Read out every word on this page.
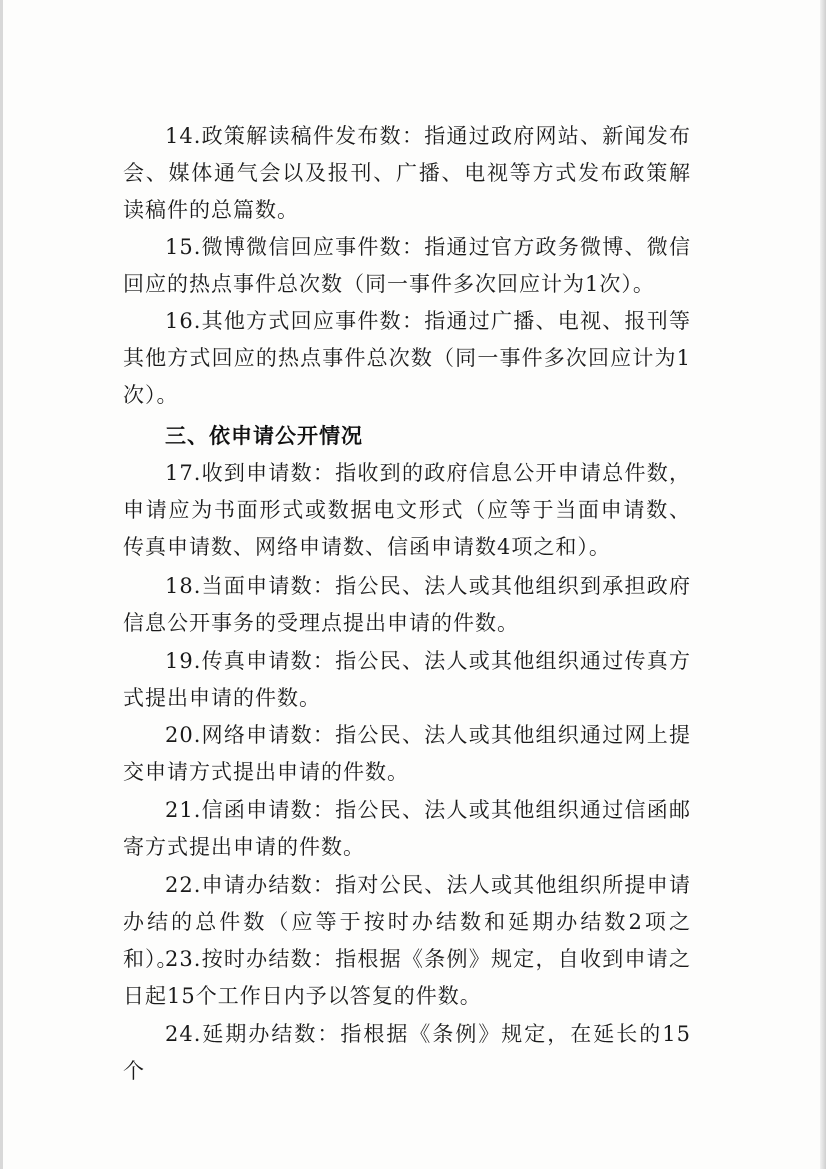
14.政策解读稿件发布数：指通过政府网站、新闻发布会、媒体通气会以及报刊、广播、电视等方式发布政策解读稿件的总篇数。

15.微博微信回应事件数：指通过官方政务微博、微信回应的热点事件总次数（同一事件多次回应计为1次）。

16.其他方式回应事件数：指通过广播、电视、报刊等其他方式回应的热点事件总次数（同一事件多次回应计为1次）。

三、依申请公开情况

17.收到申请数：指收到的政府信息公开申请总件数，申请应为书面形式或数据电文形式（应等于当面申请数、传真申请数、网络申请数、信函申请数4项之和）。

18.当面申请数：指公民、法人或其他组织到承担政府信息公开事务的受理点提出申请的件数。

19.传真申请数：指公民、法人或其他组织通过传真方式提出申请的件数。

20.网络申请数：指公民、法人或其他组织通过网上提交申请方式提出申请的件数。

21.信函申请数：指公民、法人或其他组织通过信函邮寄方式提出申请的件数。

22.申请办结数：指对公民、法人或其他组织所提申请办结的总件数（应等于按时办结数和延期办结数2项之和）。

23.按时办结数：指根据《条例》规定，自收到申请之日起15个工作日内予以答复的件数。

24.延期办结数：指根据《条例》规定，在延长的15个
